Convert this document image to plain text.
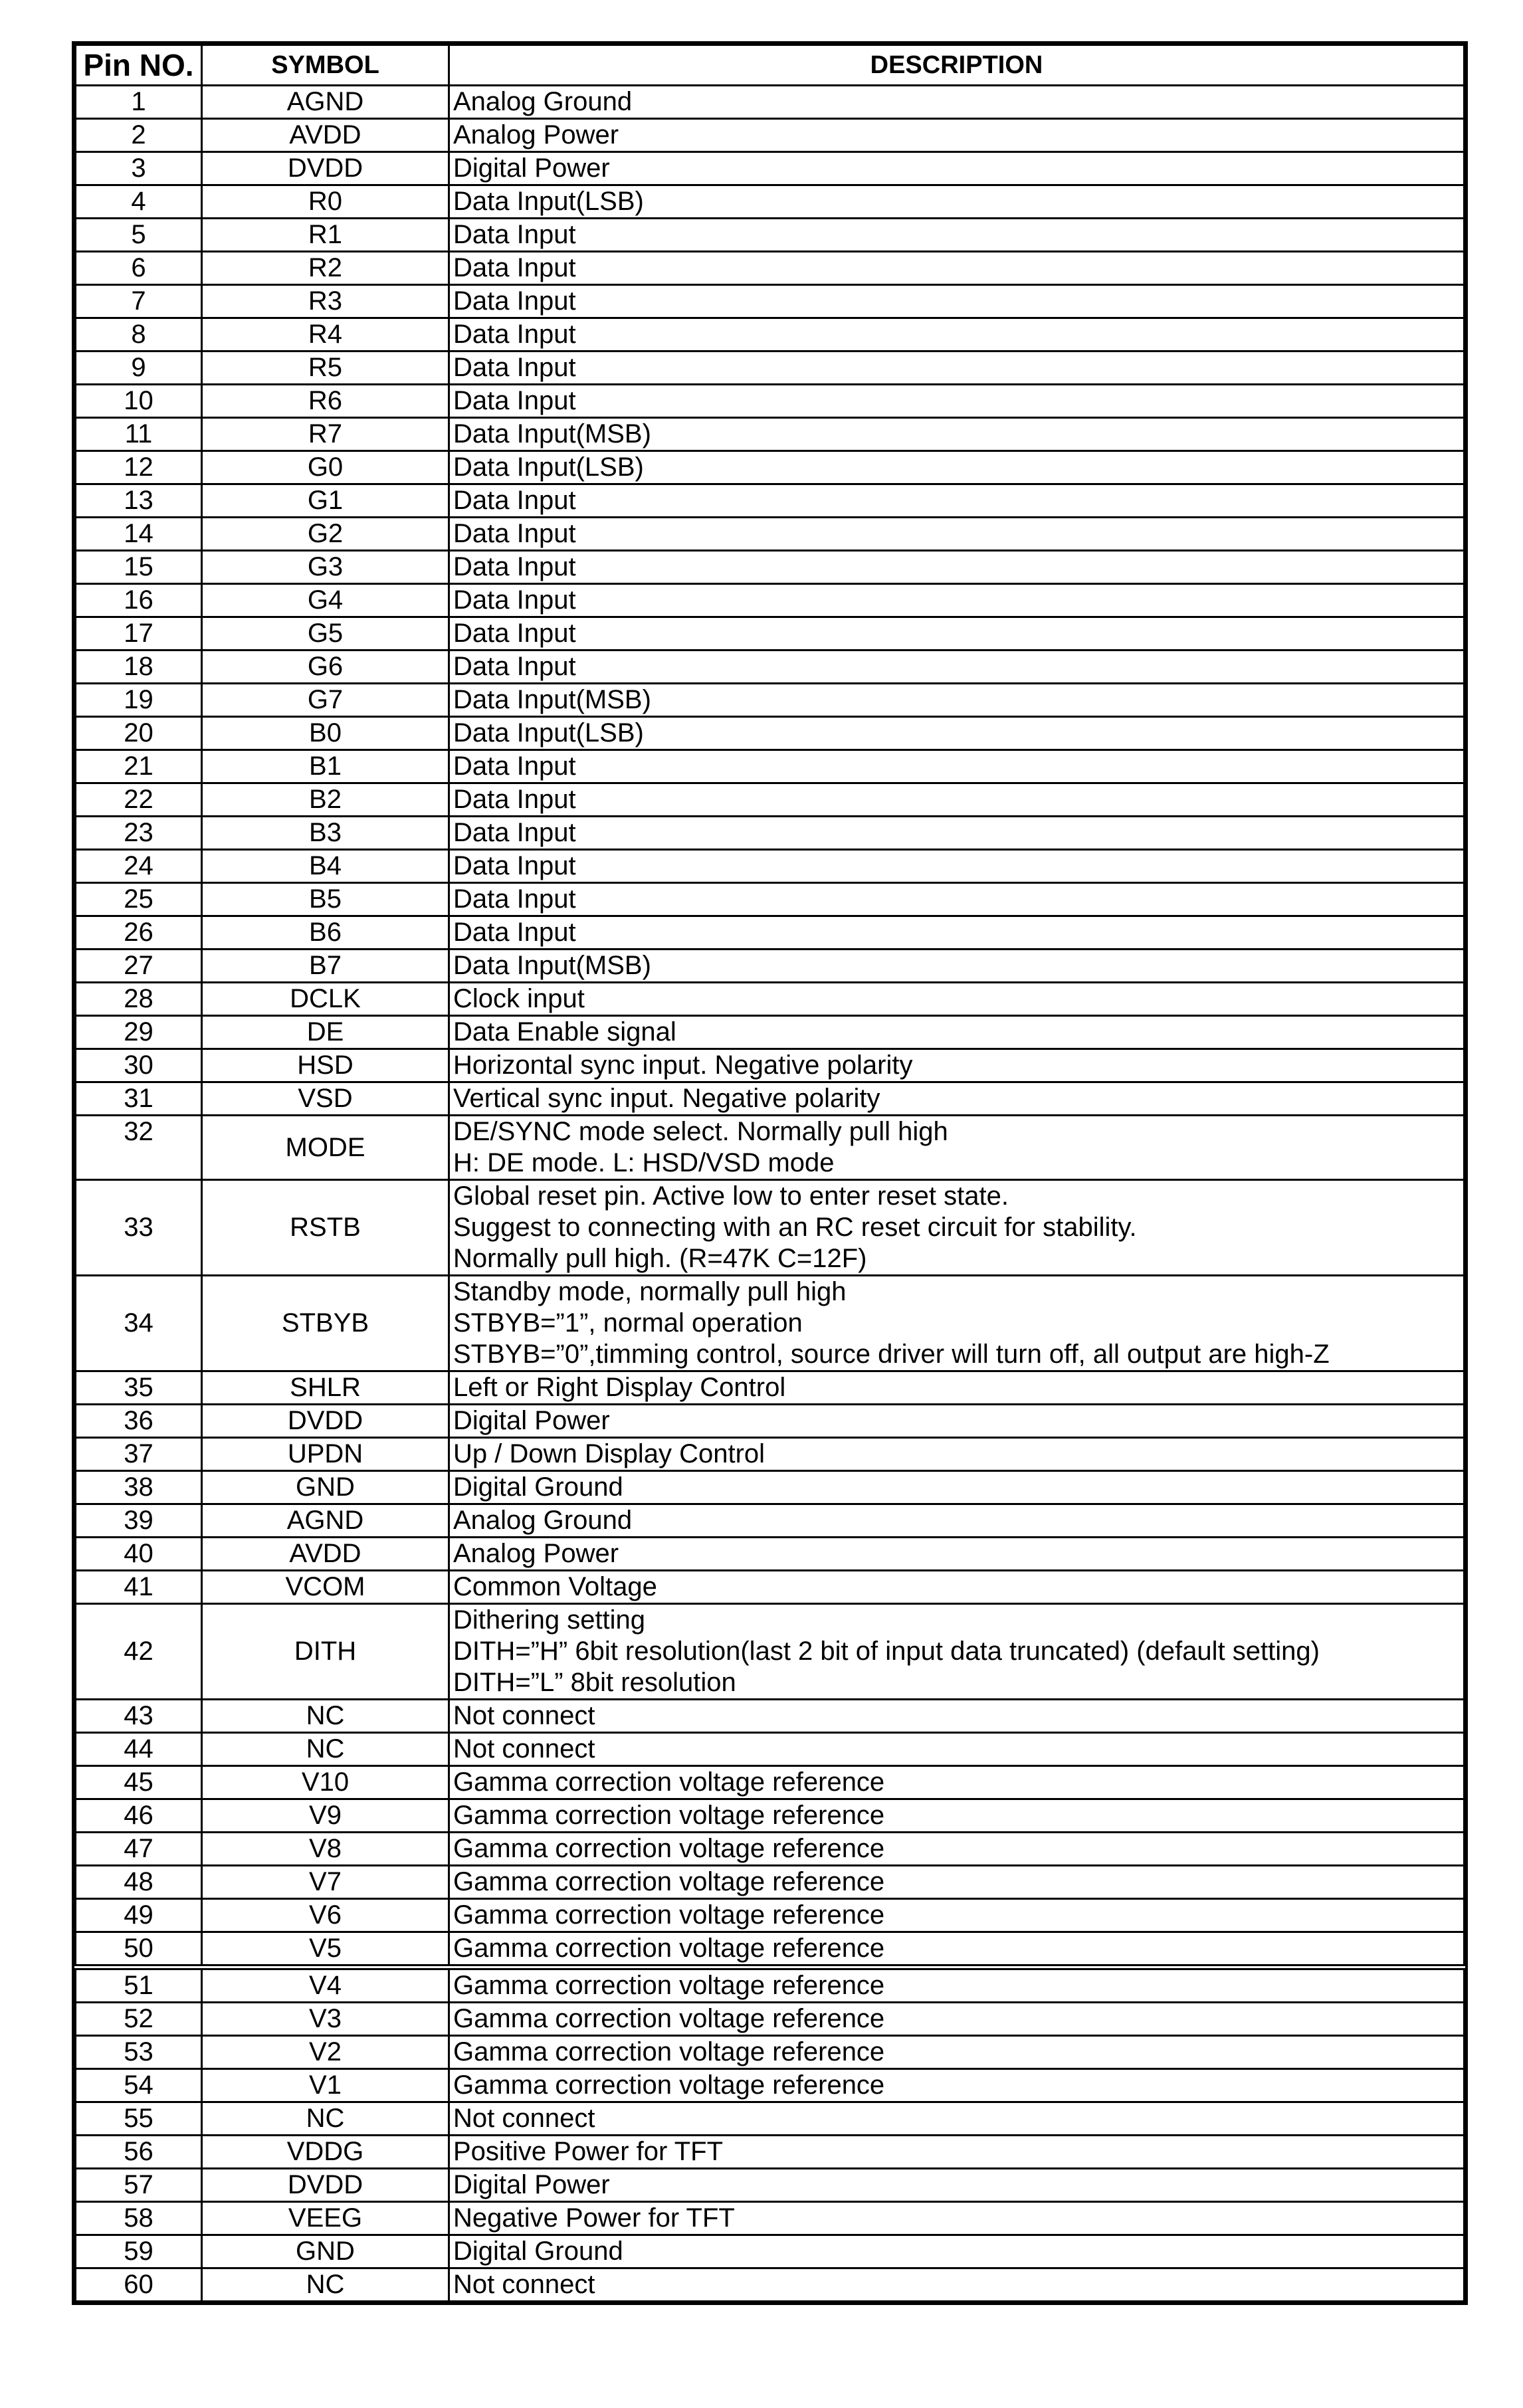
Pin NO.	SYMBOL	DESCRIPTION
1	AGND	Analog Ground
2	AVDD	Analog Power
3	DVDD	Digital Power
4	R0	Data Input(LSB)
5	R1	Data Input
6	R2	Data Input
7	R3	Data Input
8	R4	Data Input
9	R5	Data Input
10	R6	Data Input
11	R7	Data Input(MSB)
12	G0	Data Input(LSB)
13	G1	Data Input
14	G2	Data Input
15	G3	Data Input
16	G4	Data Input
17	G5	Data Input
18	G6	Data Input
19	G7	Data Input(MSB)
20	B0	Data Input(LSB)
21	B1	Data Input
22	B2	Data Input
23	B3	Data Input
24	B4	Data Input
25	B5	Data Input
26	B6	Data Input
27	B7	Data Input(MSB)
28	DCLK	Clock input
29	DE	Data Enable signal
30	HSD	Horizontal sync input. Negative polarity
31	VSD	Vertical sync input. Negative polarity
32	MODE	DE/SYNC mode select. Normally pull high
H: DE mode. L: HSD/VSD mode
33	RSTB	Global reset pin. Active low to enter reset state.
Suggest to connecting with an RC reset circuit for stability.
Normally pull high. (R=47K C=12F)
34	STBYB	Standby mode, normally pull high
STBYB=”1”, normal operation
STBYB=”0”,timming control, source driver will turn off, all output are high-Z
35	SHLR	Left or Right Display Control
36	DVDD	Digital Power
37	UPDN	Up / Down Display Control
38	GND	Digital Ground
39	AGND	Analog Ground
40	AVDD	Analog Power
41	VCOM	Common Voltage
42	DITH	Dithering setting
DITH=”H” 6bit resolution(last 2 bit of input data truncated) (default setting)
DITH=”L” 8bit resolution
43	NC	Not connect
44	NC	Not connect
45	V10	Gamma correction voltage reference
46	V9	Gamma correction voltage reference
47	V8	Gamma correction voltage reference
48	V7	Gamma correction voltage reference
49	V6	Gamma correction voltage reference
50	V5	Gamma correction voltage reference
51	V4	Gamma correction voltage reference
52	V3	Gamma correction voltage reference
53	V2	Gamma correction voltage reference
54	V1	Gamma correction voltage reference
55	NC	Not connect
56	VDDG	Positive Power for TFT
57	DVDD	Digital Power
58	VEEG	Negative Power for TFT
59	GND	Digital Ground
60	NC	Not connect
